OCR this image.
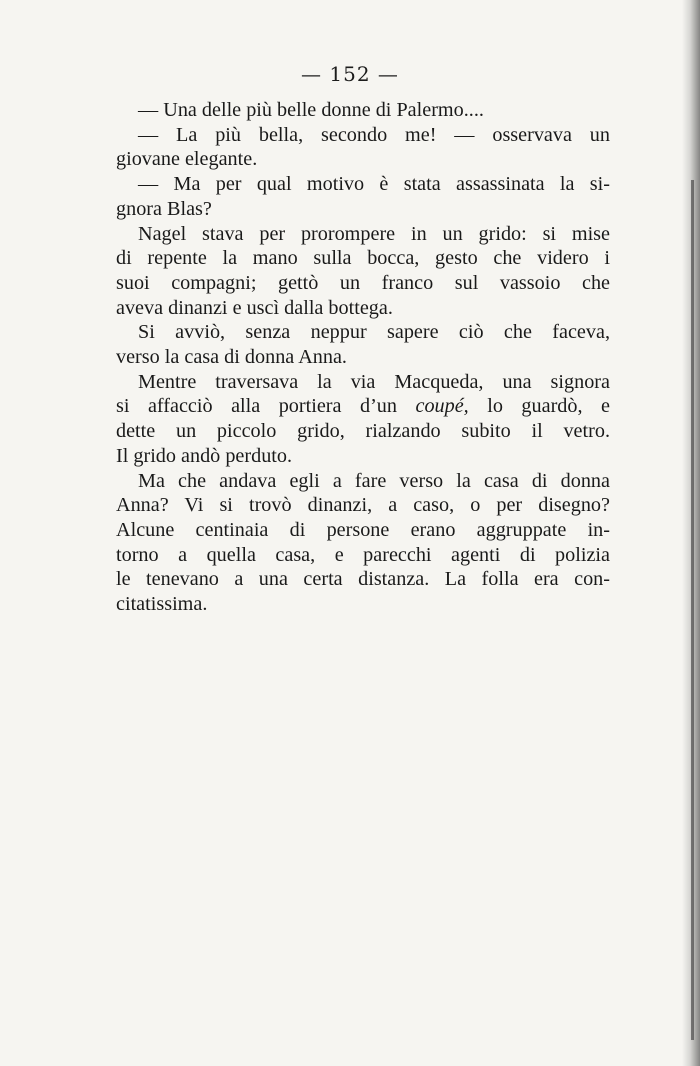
— 152 —

— Una delle più belle donne di Palermo....

— La più bella, secondo me! — osservava un
giovane elegante.

— Ma per qual motivo è stata assassinata la si-
gnora Blas?

Nagel stava per prorompere in un grido: si mise
di repente la mano sulla bocca, gesto che videro i
suoi compagni; gettò un franco sul vassoio che
aveva dinanzi e uscì dalla bottega.

Si avviò, senza neppur sapere ciò che faceva,
verso la casa di donna Anna.

Mentre traversava la via Macqueda, una signora
si affacciò alla portiera d’un coupé, lo guardò, e
dette un piccolo grido, rialzando subito il vetro.
Il grido andò perduto.

Ma che andava egli a fare verso la casa di donna
Anna? Vi si trovò dinanzi, a caso, o per disegno?
Alcune centinaia di persone erano aggruppate in-
torno a quella casa, e parecchi agenti di polizia
le tenevano a una certa distanza. La folla era con-
citatissima.
